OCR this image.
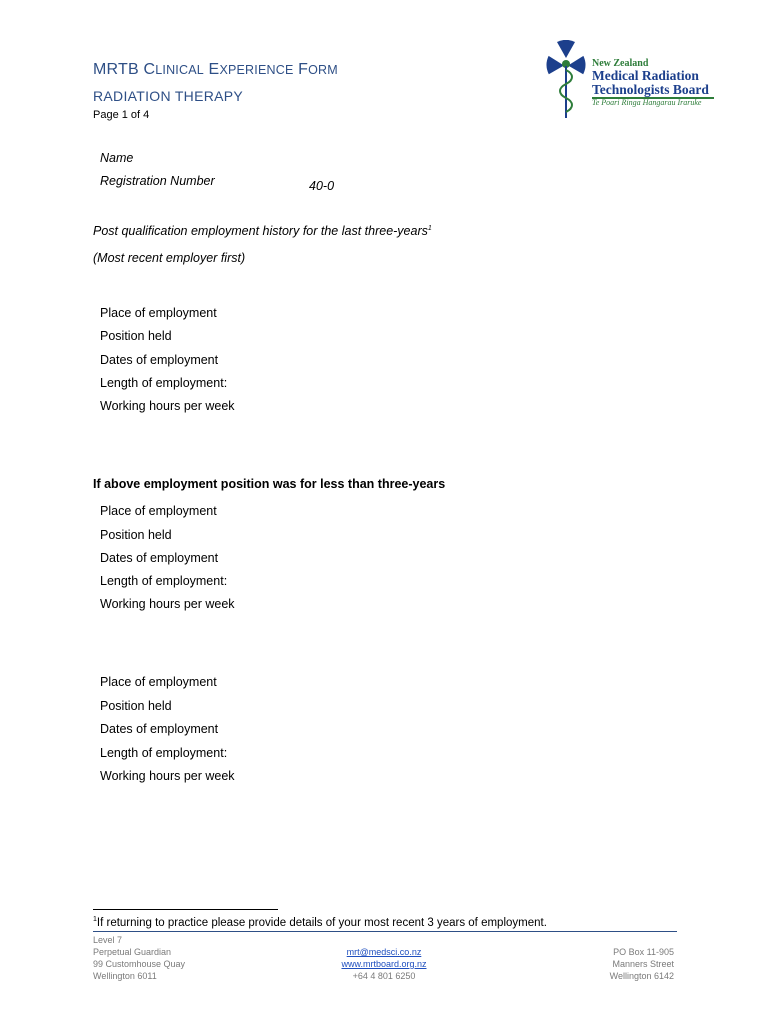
MRTB CLINICAL EXPERIENCE FORM
RADIATION THERAPY
Page 1 of 4
New Zealand
Medical Radiation
Technologists Board
Te Poari Ringa Hangarau Iraruke
Name
Registration Number	40-0
Post qualification employment history for the last three-years$^1$
(Most recent employer first)
Place of employment
Position held
Dates of employment
Length of employment:
Working hours per week
If above employment position was for less than three-years
Place of employment
Position held
Dates of employment
Length of employment:
Working hours per week
Place of employment
Position held
Dates of employment
Length of employment:
Working hours per week
$^1$If returning to practice please provide details of your most recent 3 years of employment.
Level 7
Perpetual Guardian
99 Customhouse Quay
Wellington 6011
mrt@medsci.co.nz
www.mrtboard.org.nz
+64 4 801 6250
PO Box 11-905
Manners Street
Wellington 6142
